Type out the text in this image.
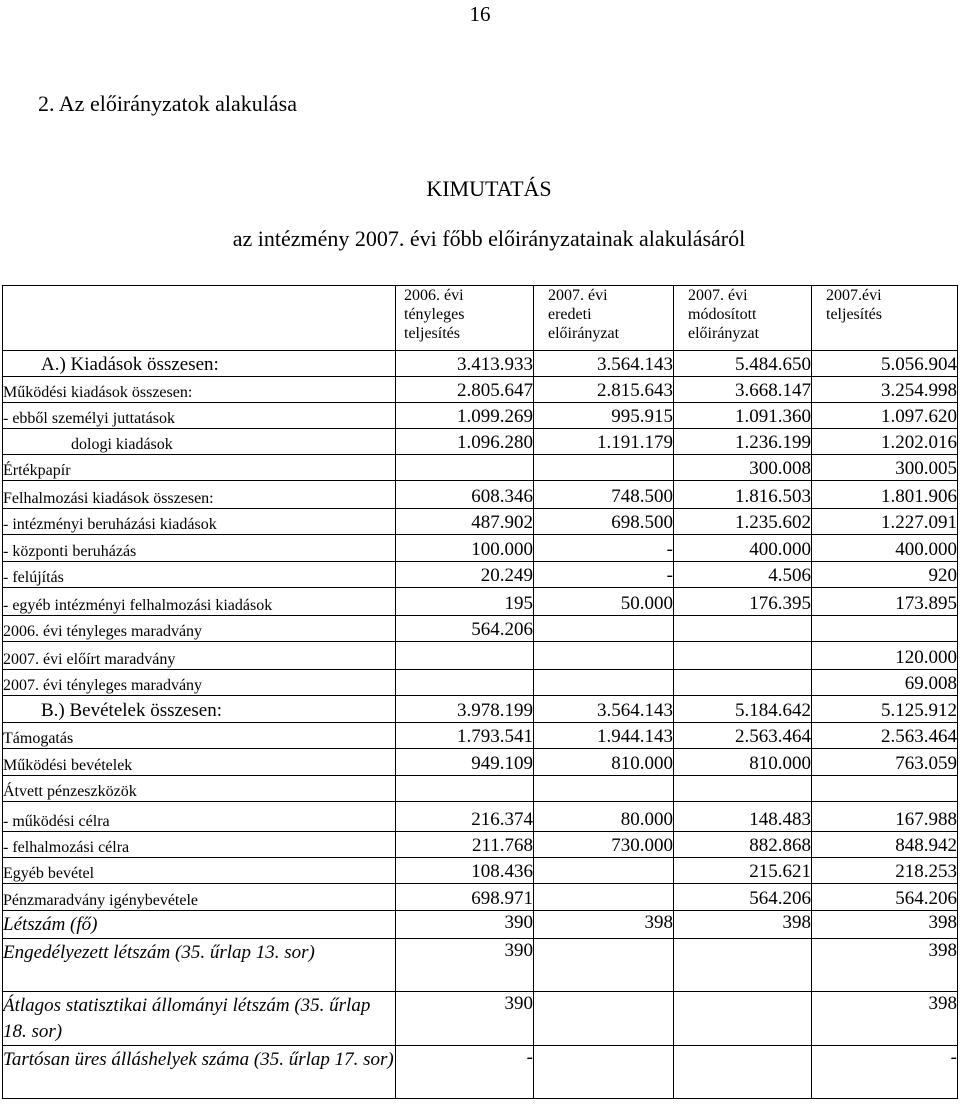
16
2. Az előirányzatok alakulása
KIMUTATÁS
az intézmény 2007. évi főbb előirányzatainak alakulásáról

	2006. évi
tényleges
teljesítés	2007. évi
eredeti
előirányzat	2007. évi
módosított
előirányzat	2007.évi
teljesítés

A.) Kiadások összesen:	3.413.933	3.564.143	5.484.650	5.056.904
Működési kiadások összesen:	2.805.647	2.815.643	3.668.147	3.254.998
- ebből személyi juttatások	1.099.269	995.915	1.091.360	1.097.620
dologi kiadások	1.096.280	1.191.179	1.236.199	1.202.016
Értékpapír			300.008	300.005
Felhalmozási kiadások összesen:	608.346	748.500	1.816.503	1.801.906
- intézményi beruházási kiadások	487.902	698.500	1.235.602	1.227.091
- központi beruházás	100.000	-	400.000	400.000
- felújítás	20.249	-	4.506	920
- egyéb intézményi felhalmozási kiadások	195	50.000	176.395	173.895
2006. évi tényleges maradvány	564.206			
2007. évi előírt maradvány				120.000
2007. évi tényleges maradvány				69.008
B.) Bevételek összesen:	3.978.199	3.564.143	5.184.642	5.125.912
Támogatás	1.793.541	1.944.143	2.563.464	2.563.464
Működési bevételek	949.109	810.000	810.000	763.059
Átvett pénzeszközök				
- működési célra	216.374	80.000	148.483	167.988
- felhalmozási célra	211.768	730.000	882.868	848.942
Egyéb bevétel	108.436		215.621	218.253
Pénzmaradvány igénybevétele	698.971		564.206	564.206
Létszám (fő)	390	398	398	398
Engedélyezett létszám (35. űrlap 13. sor)	390			398
Átlagos statisztikai állományi létszám (35. űrlap 18. sor)	390			398
Tartósan üres álláshelyek száma (35. űrlap 17. sor)	-			-
